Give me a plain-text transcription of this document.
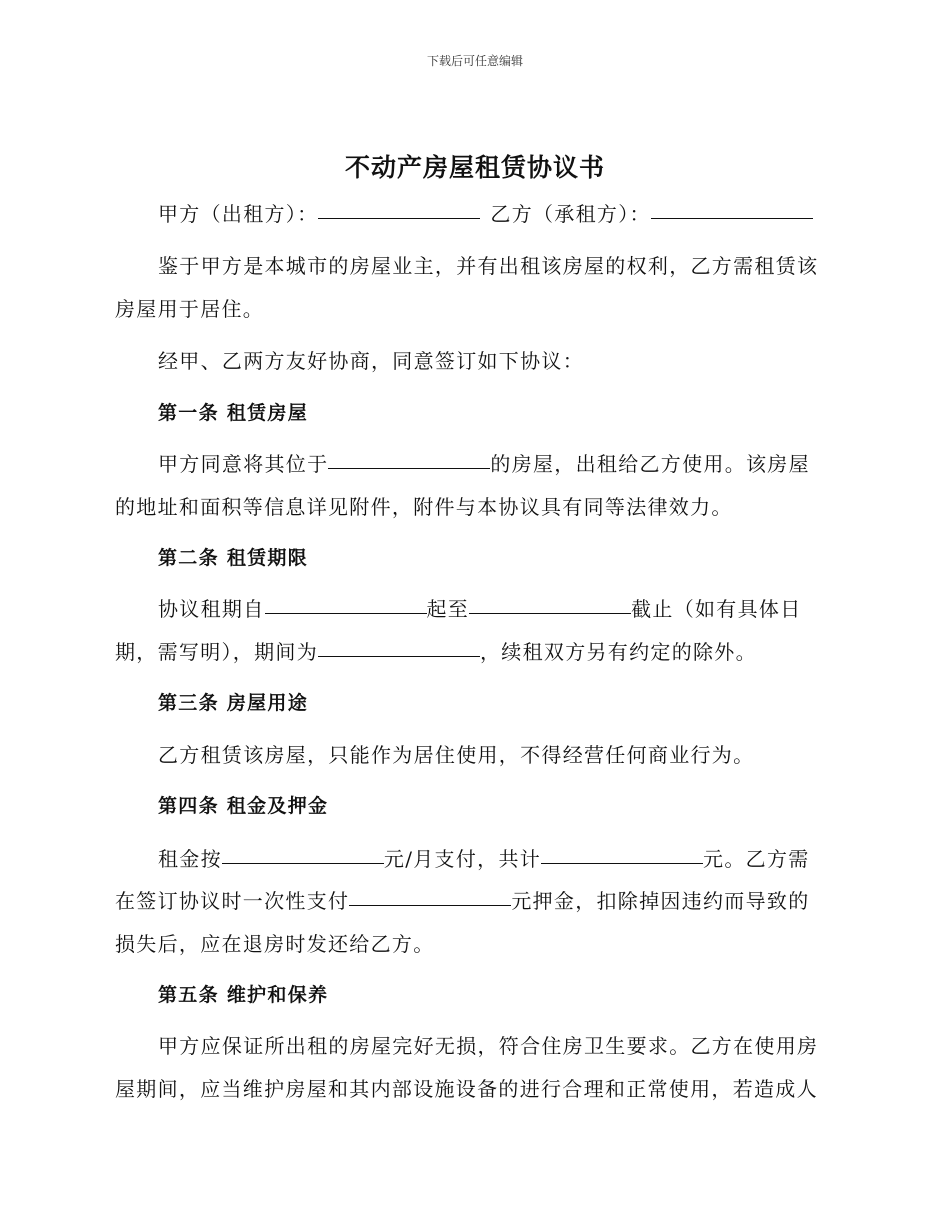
下载后可任意编辑
不动产房屋租赁协议书
甲方（出租方）：	乙方（承租方）：
鉴于甲方是本城市的房屋业主，并有出租该房屋的权利，乙方需租赁该
房屋用于居住。
经甲、乙两方友好协商，同意签订如下协议：
第一条 租赁房屋
甲方同意将其位于	的房屋，出租给乙方使用。该房屋
的地址和面积等信息详见附件，附件与本协议具有同等法律效力。
第二条 租赁期限
协议租期自	起至	截止（如有具体日
期，需写明），期间为	，续租双方另有约定的除外。
第三条 房屋用途
乙方租赁该房屋，只能作为居住使用，不得经营任何商业行为。
第四条 租金及押金
租金按	元/月支付，共计	元。乙方需
在签订协议时一次性支付	元押金，扣除掉因违约而导致的
损失后，应在退房时发还给乙方。
第五条 维护和保养
甲方应保证所出租的房屋完好无损，符合住房卫生要求。乙方在使用房
屋期间，应当维护房屋和其内部设施设备的进行合理和正常使用，若造成人
